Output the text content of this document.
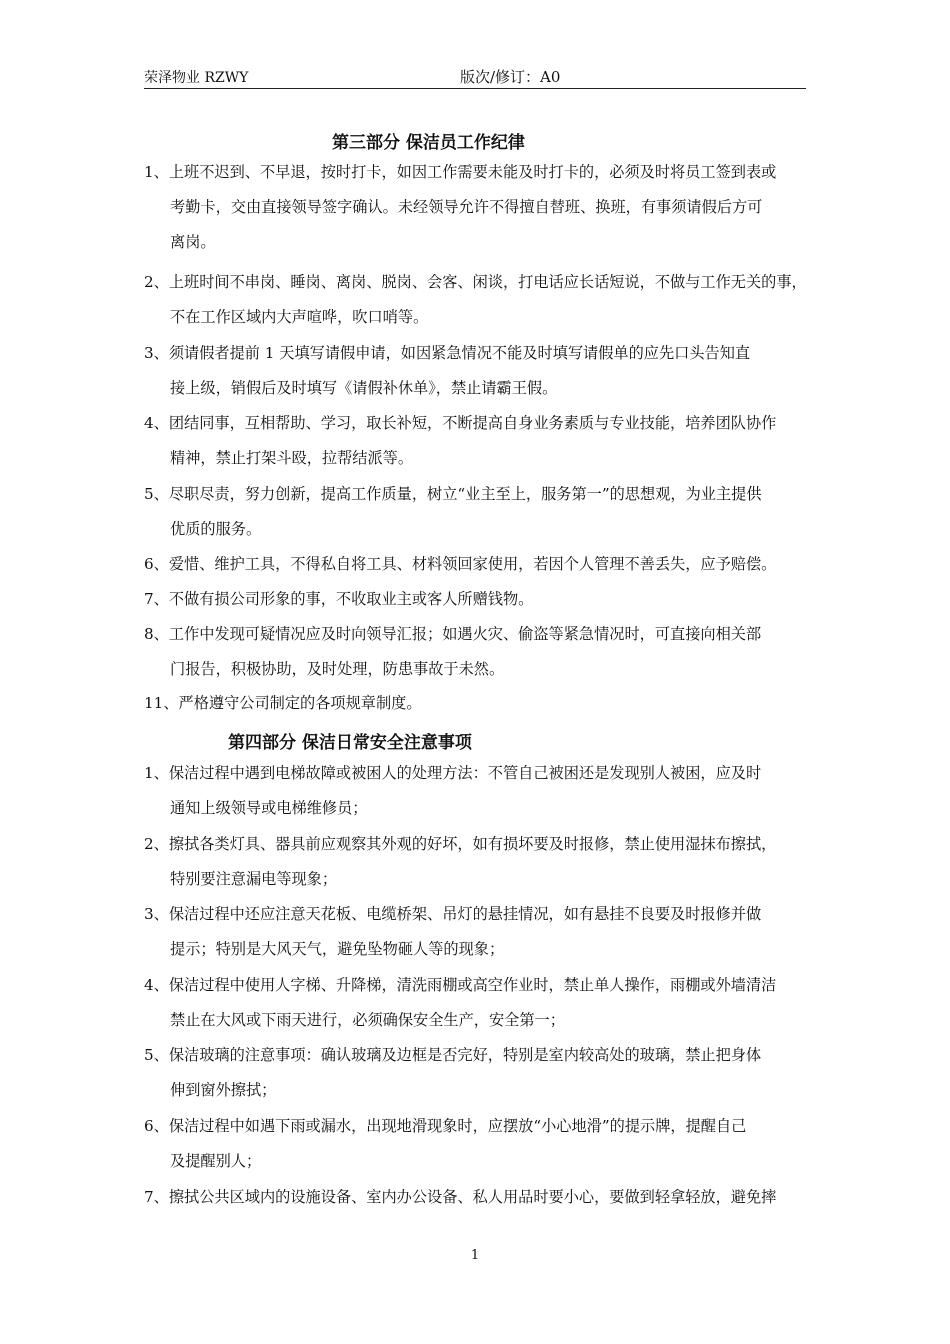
荣泽物业 RZWY	版次/修订：A0
第三部分 保洁员工作纪律
1、上班不迟到、不早退，按时打卡，如因工作需要未能及时打卡的，必须及时将员工签到表或
考勤卡，交由直接领导签字确认。未经领导允许不得擅自替班、换班，有事须请假后方可
离岗。
2、上班时间不串岗、睡岗、离岗、脱岗、会客、闲谈，打电话应长话短说，不做与工作无关的事，
不在工作区域内大声喧哗，吹口哨等。
3、须请假者提前 1 天填写请假申请，如因紧急情况不能及时填写请假单的应先口头告知直
接上级，销假后及时填写《请假补休单》，禁止请霸王假。
4、团结同事，互相帮助、学习，取长补短，不断提高自身业务素质与专业技能，培养团队协作
精神，禁止打架斗殴，拉帮结派等。
5、尽职尽责，努力创新，提高工作质量，树立“业主至上，服务第一”的思想观，为业主提供
优质的服务。
6、爱惜、维护工具，不得私自将工具、材料领回家使用，若因个人管理不善丢失，应予赔偿。
7、不做有损公司形象的事，不收取业主或客人所赠钱物。
8、工作中发现可疑情况应及时向领导汇报；如遇火灾、偷盗等紧急情况时，可直接向相关部
门报告，积极协助，及时处理，防患事故于未然。
11、严格遵守公司制定的各项规章制度。
第四部分 保洁日常安全注意事项
1、保洁过程中遇到电梯故障或被困人的处理方法：不管自己被困还是发现别人被困，应及时
通知上级领导或电梯维修员；
2、擦拭各类灯具、器具前应观察其外观的好坏，如有损坏要及时报修，禁止使用湿抹布擦拭，
特别要注意漏电等现象；
3、保洁过程中还应注意天花板、电缆桥架、吊灯的悬挂情况，如有悬挂不良要及时报修并做
提示；特别是大风天气，避免坠物砸人等的现象；
4、保洁过程中使用人字梯、升降梯，清洗雨棚或高空作业时，禁止单人操作，雨棚或外墙清洁
禁止在大风或下雨天进行，必须确保安全生产，安全第一；
5、保洁玻璃的注意事项：确认玻璃及边框是否完好，特别是室内较高处的玻璃，禁止把身体
伸到窗外擦拭；
6、保洁过程中如遇下雨或漏水，出现地滑现象时，应摆放“小心地滑”的提示牌，提醒自己
及提醒别人；
7、擦拭公共区域内的设施设备、室内办公设备、私人用品时要小心，要做到轻拿轻放，避免摔
1
